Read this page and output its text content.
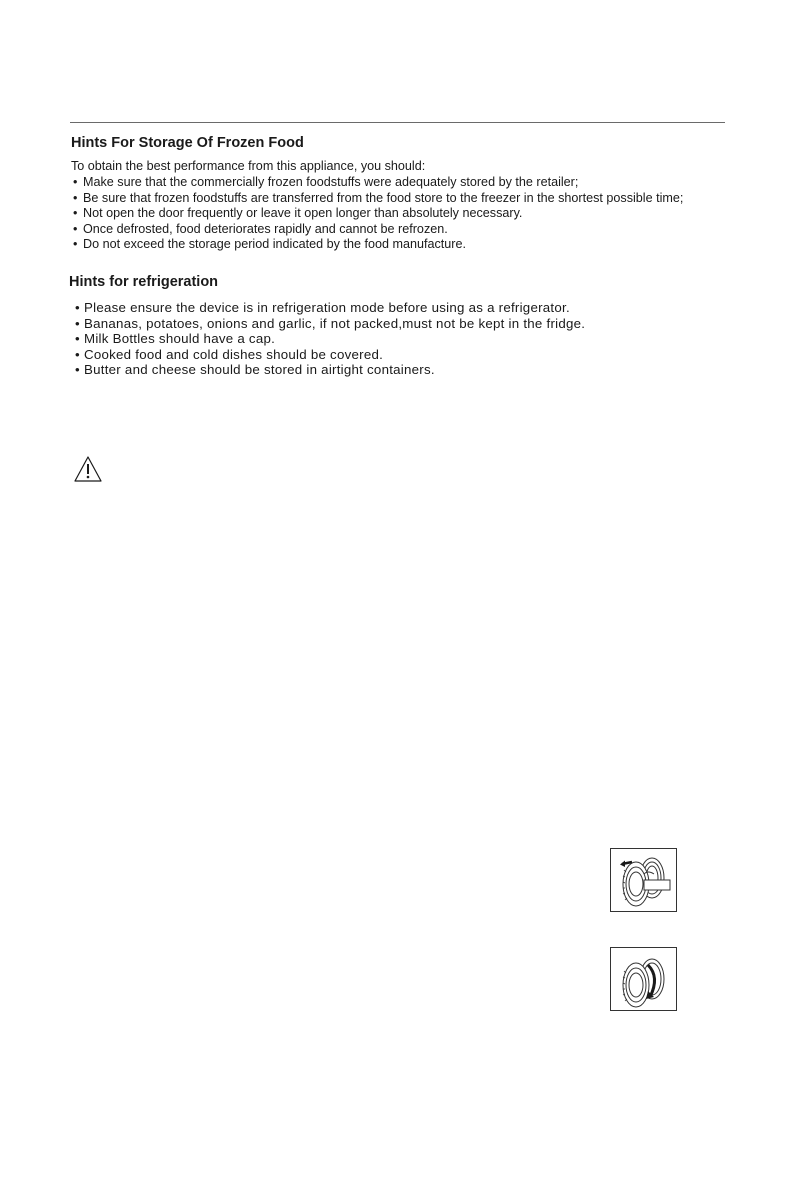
Hints For Storage Of Frozen Food

To obtain the best performance from this appliance, you should:

• Make sure that the commercially frozen foodstuffs were adequately stored by the retailer;
• Be sure that frozen foodstuffs are transferred from the food store to the freezer in the shortest possible time;
• Not open the door frequently or leave it open longer than absolutely necessary.
• Once defrosted, food deteriorates rapidly and cannot be refrozen.
• Do not exceed the storage period indicated by the food manufacture.
Hints for refrigeration
• Please ensure the device is in refrigeration mode before using as a refrigerator.
• Bananas, potatoes, onions and garlic, if not packed,must not be kept in the fridge.
• Milk Bottles should have a cap.
• Cooked food and cold dishes should be covered.
• Butter and cheese should be stored in airtight containers.
